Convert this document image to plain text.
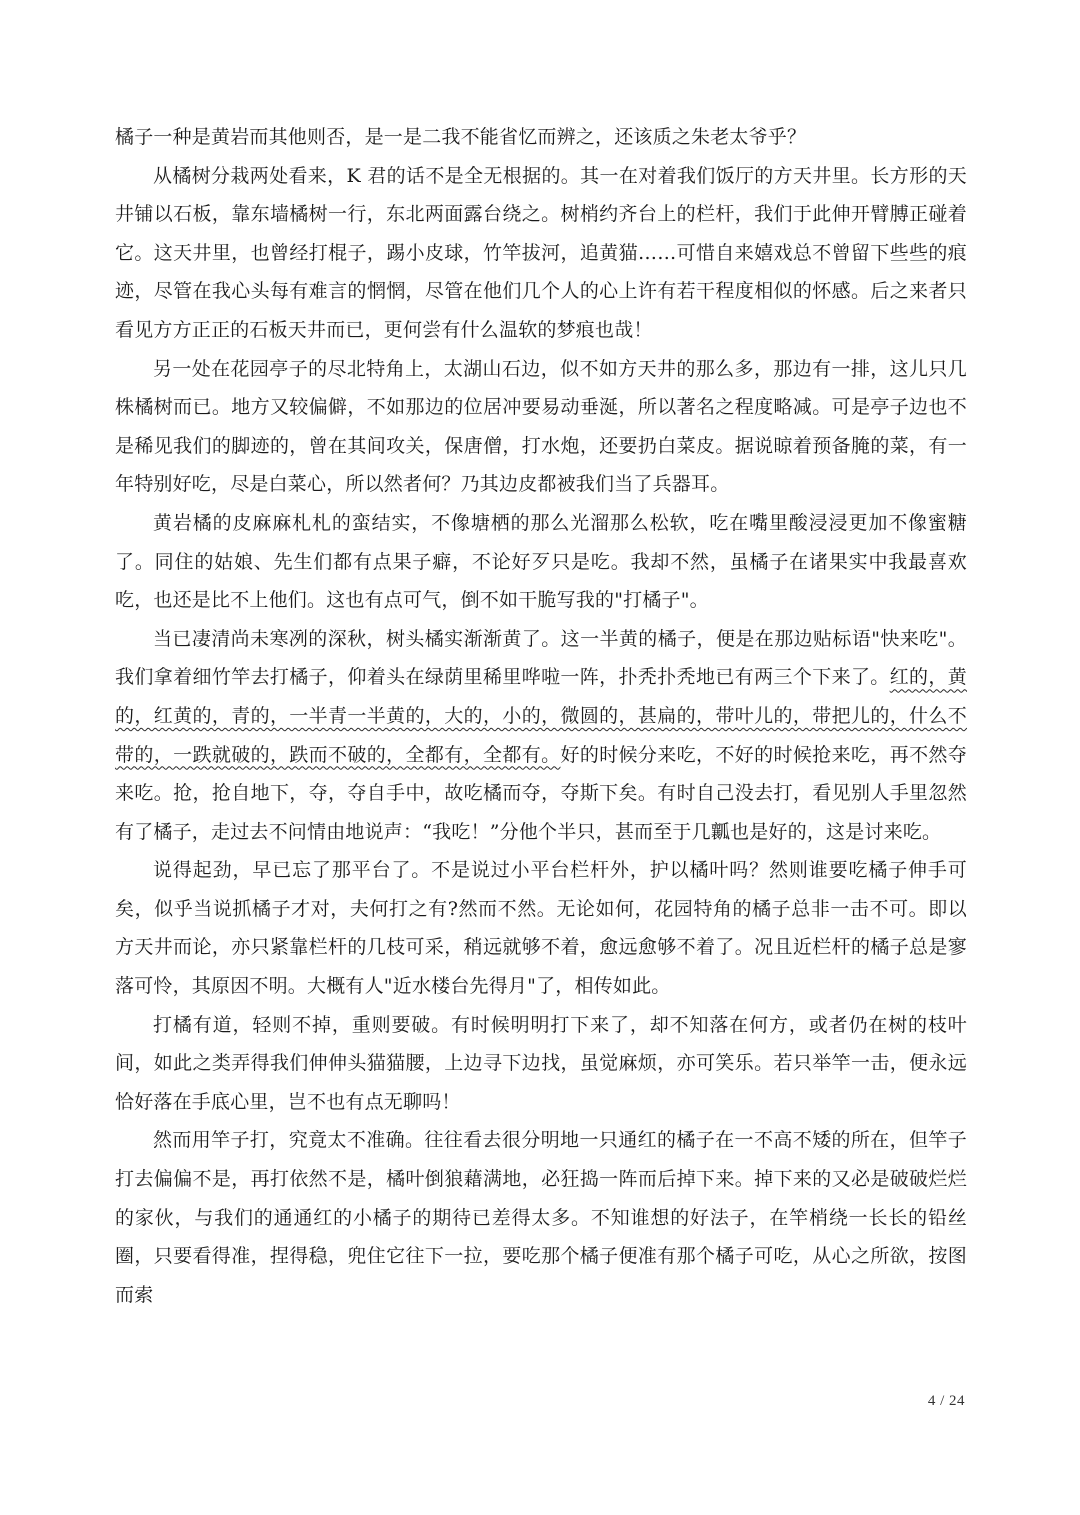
橘子一种是黄岩而其他则否，是一是二我不能省忆而辨之，还该质之朱老太爷乎？

从橘树分栽两处看来，K 君的话不是全无根据的。其一在对着我们饭厅的方天井里。长方形的天井铺以石板，靠东墙橘树一行，东北两面露台绕之。树梢约齐台上的栏杆，我们于此伸开臂膊正碰着它。这天井里，也曾经打棍子，踢小皮球，竹竿拔河，追黄猫……可惜自来嬉戏总不曾留下些些的痕迹，尽管在我心头每有难言的惘惘，尽管在他们几个人的心上许有若干程度相似的怀感。后之来者只看见方方正正的石板天井而已，更何尝有什么温软的梦痕也哉！

另一处在花园亭子的尽北特角上，太湖山石边，似不如方天井的那么多，那边有一排，这儿只几株橘树而已。地方又较偏僻，不如那边的位居冲要易动垂涎，所以著名之程度略减。可是亭子边也不是稀见我们的脚迹的，曾在其间攻关，保唐僧，打水炮，还要扔白菜皮。据说晾着预备腌的菜，有一年特别好吃，尽是白菜心，所以然者何？乃其边皮都被我们当了兵器耳。

黄岩橘的皮麻麻札札的蛮结实，不像塘栖的那么光溜那么松软，吃在嘴里酸浸浸更加不像蜜糖了。同住的姑娘、先生们都有点果子癖，不论好歹只是吃。我却不然，虽橘子在诸果实中我最喜欢吃，也还是比不上他们。这也有点可气，倒不如干脆写我的"打橘子"。

当已凄清尚未寒冽的深秋，树头橘实渐渐黄了。这一半黄的橘子，便是在那边贴标语"快来吃"。我们拿着细竹竿去打橘子，仰着头在绿荫里稀里哗啦一阵，扑秃扑秃地已有两三个下来了。红的，黄的，红黄的，青的，一半青一半黄的，大的，小的，微圆的，甚扁的，带叶儿的，带把儿的，什么不带的，一跌就破的，跌而不破的，全都有，全都有。好的时候分来吃，不好的时候抢来吃，再不然夺来吃。抢，抢自地下，夺，夺自手中，故吃橘而夺，夺斯下矣。有时自己没去打，看见别人手里忽然有了橘子，走过去不问情由地说声：“我吃！”分他个半只，甚而至于几瓤也是好的，这是讨来吃。

说得起劲，早已忘了那平台了。不是说过小平台栏杆外，护以橘叶吗？然则谁要吃橘子伸手可矣，似乎当说抓橘子才对，夫何打之有?然而不然。无论如何，花园特角的橘子总非一击不可。即以方天井而论，亦只紧靠栏杆的几枝可采，稍远就够不着，愈远愈够不着了。况且近栏杆的橘子总是寥落可怜，其原因不明。大概有人"近水楼台先得月"了，相传如此。

打橘有道，轻则不掉，重则要破。有时候明明打下来了，却不知落在何方，或者仍在树的枝叶间，如此之类弄得我们伸伸头猫猫腰，上边寻下边找，虽觉麻烦，亦可笑乐。若只举竿一击，便永远恰好落在手底心里，岂不也有点无聊吗！

然而用竿子打，究竟太不准确。往往看去很分明地一只通红的橘子在一不高不矮的所在，但竿子打去偏偏不是，再打依然不是，橘叶倒狼藉满地，必狂捣一阵而后掉下来。掉下来的又必是破破烂烂的家伙，与我们的通通红的小橘子的期待已差得太多。不知谁想的好法子，在竿梢绕一长长的铅丝圈，只要看得准，捏得稳，兜住它往下一拉，要吃那个橘子便准有那个橘子可吃，从心之所欲，按图而索

4 / 24
